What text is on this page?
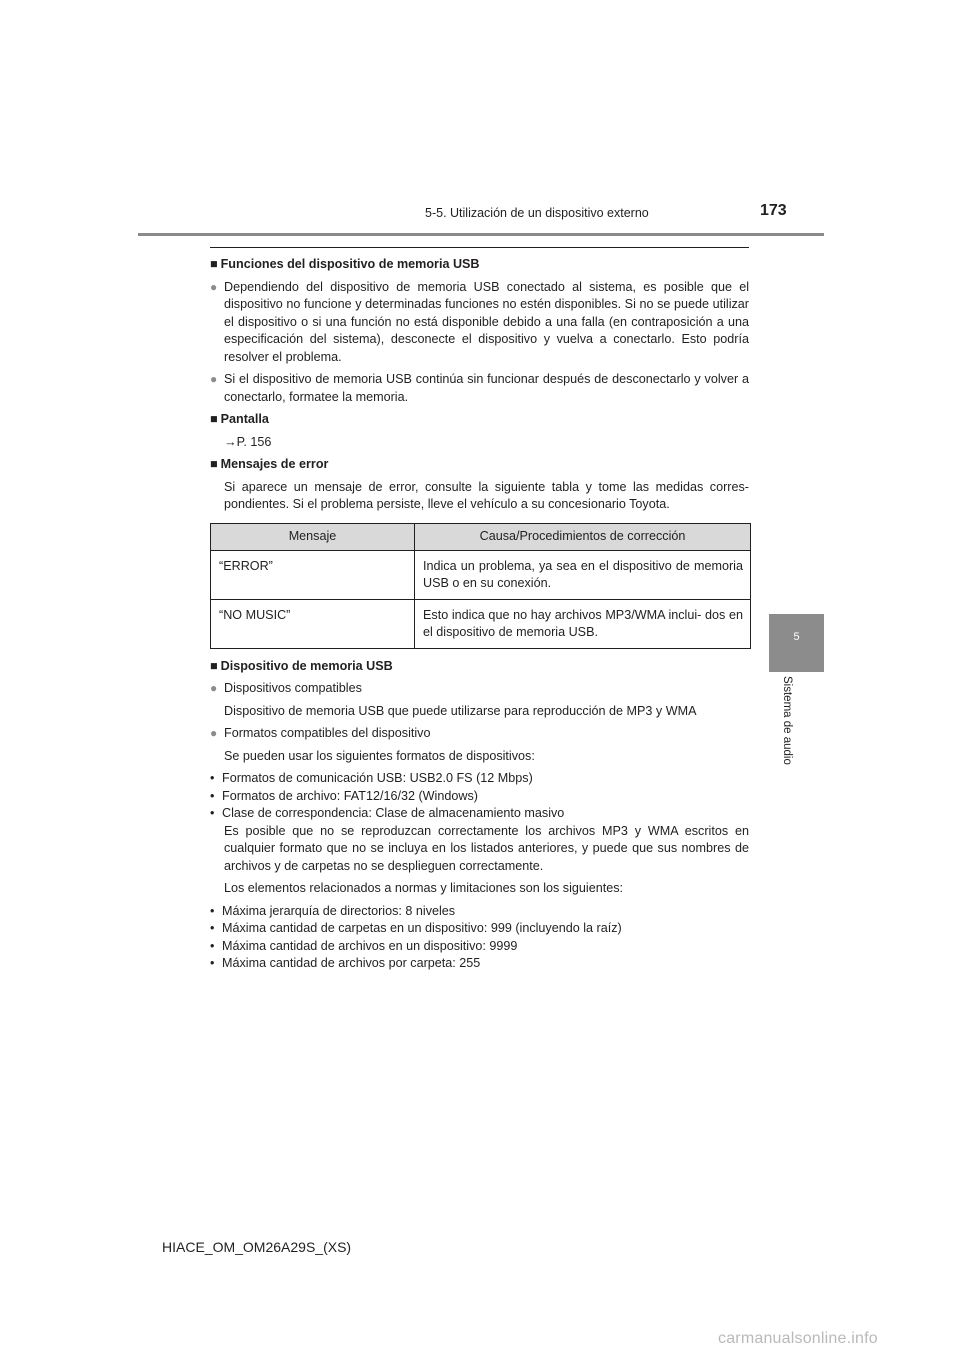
5-5. Utilización de un dispositivo externo	173
5
Sistema de audio
■ Funciones del dispositivo de memoria USB
● Dependiendo del dispositivo de memoria USB conectado al sistema, es posible que el dispositivo no funcione y determinadas funciones no estén disponibles. Si no se puede utilizar el dispositivo o si una función no está disponible debido a una falla (en contraposición a una especificación del sistema), desconecte el dispositivo y vuelva a conectarlo. Esto podría resolver el problema.
● Si el dispositivo de memoria USB continúa sin funcionar después de desconectarlo y volver a conectarlo, formatee la memoria.
■ Pantalla
→P. 156
■ Mensajes de error
Si aparece un mensaje de error, consulte la siguiente tabla y tome las medidas corres- pondientes. Si el problema persiste, lleve el vehículo a su concesionario Toyota.
Mensaje	Causa/Procedimientos de corrección
“ERROR”	Indica un problema, ya sea en el dispositivo de memoria USB o en su conexión.
“NO MUSIC”	Esto indica que no hay archivos MP3/WMA inclui- dos en el dispositivo de memoria USB.
■ Dispositivo de memoria USB
● Dispositivos compatibles
Dispositivo de memoria USB que puede utilizarse para reproducción de MP3 y WMA
● Formatos compatibles del dispositivo
Se pueden usar los siguientes formatos de dispositivos:
• Formatos de comunicación USB: USB2.0 FS (12 Mbps)
• Formatos de archivo: FAT12/16/32 (Windows)
• Clase de correspondencia: Clase de almacenamiento masivo
Es posible que no se reproduzcan correctamente los archivos MP3 y WMA escritos en cualquier formato que no se incluya en los listados anteriores, y puede que sus nombres de archivos y de carpetas no se desplieguen correctamente.
Los elementos relacionados a normas y limitaciones son los siguientes:
• Máxima jerarquía de directorios: 8 niveles
• Máxima cantidad de carpetas en un dispositivo: 999 (incluyendo la raíz)
• Máxima cantidad de archivos en un dispositivo: 9999
• Máxima cantidad de archivos por carpeta: 255
HIACE_OM_OM26A29S_(XS)
carmanualsonline.info
